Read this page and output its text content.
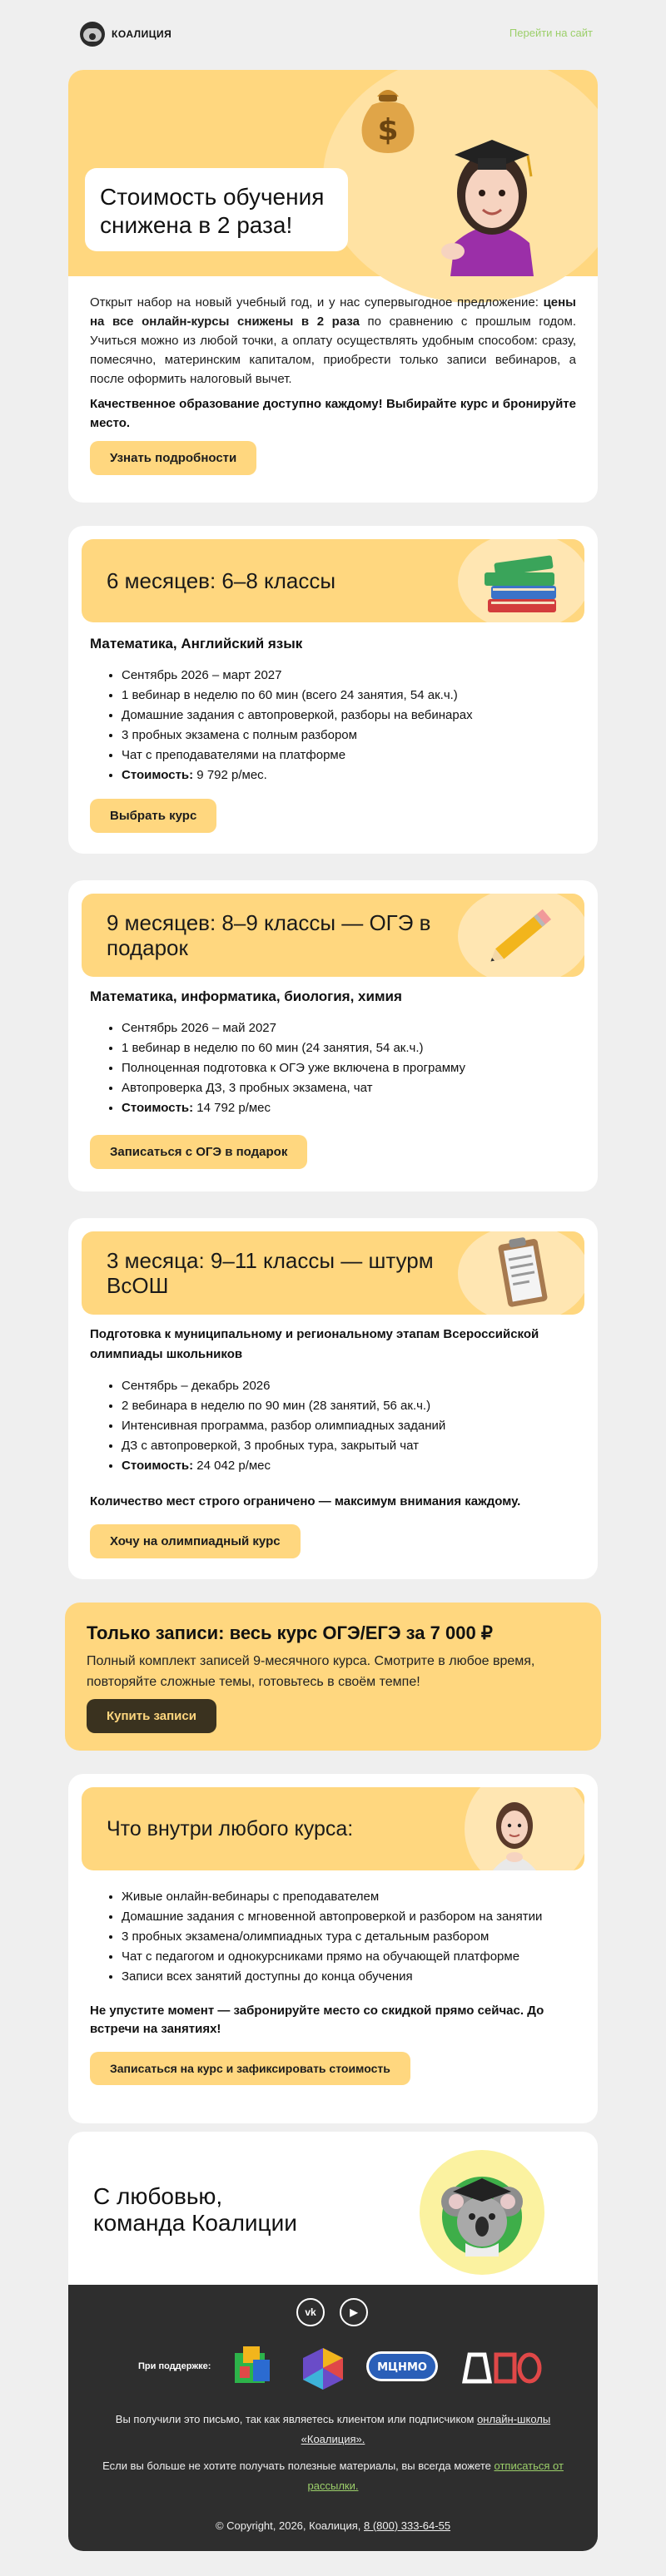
КОАЛИЦИЯ	Перейти на сайт
$
Стоимость обучения снижена в 2 раза!

Открыт набор на новый учебный год, и у нас супервыгодное предложение: цены на все онлайн-курсы снижены в 2 раза по сравнению с прошлым годом. Учиться можно из любой точки, а оплату осуществлять удобным способом: сразу, помесячно, материнским капиталом, приобрести только записи вебинаров, а после оформить налоговый вычет.

Качественное образование доступно каждому! Выбирайте курс и бронируйте место.

Узнать подробности
6 месяцев: 6–8 классы
Математика, Английский язык
• Сентябрь 2026 – март 2027
• 1 вебинар в неделю по 60 мин (всего 24 занятия, 54 ак.ч.)
• Домашние задания с автопроверкой, разборы на вебинарах
• 3 пробных экзамена с полным разбором
• Чат с преподавателями на платформе
• Стоимость: 9 792 р/мес.
Выбрать курс
9 месяцев: 8–9 классы — ОГЭ в подарок
Математика, информатика, биология, химия
• Сентябрь 2026 – май 2027
• 1 вебинар в неделю по 60 мин (24 занятия, 54 ак.ч.)
• Полноценная подготовка к ОГЭ уже включена в программу
• Автопроверка ДЗ, 3 пробных экзамена, чат
• Стоимость: 14 792 р/мес
Записаться с ОГЭ в подарок
3 месяца: 9–11 классы — штурм ВсОШ
Подготовка к муниципальному и региональному этапам Всероссийской олимпиады школьников
• Сентябрь – декабрь 2026
• 2 вебинара в неделю по 90 мин (28 занятий, 56 ак.ч.)
• Интенсивная программа, разбор олимпиадных заданий
• ДЗ с автопроверкой, 3 пробных тура, закрытый чат
• Стоимость: 24 042 р/мес
Количество мест строго ограничено — максимум внимания каждому.
Хочу на олимпиадный курс
Только записи: весь курс ОГЭ/ЕГЭ за 7 000 ₽
Полный комплект записей 9-месячного курса. Смотрите в любое время, повторяйте сложные темы, готовьтесь в своём темпе!
Купить записи
Что внутри любого курса:
• Живые онлайн-вебинары с преподавателем
• Домашние задания с мгновенной автопроверкой и разбором на занятии
• 3 пробных экзамена/олимпиадных тура с детальным разбором
• Чат с педагогом и однокурсниками прямо на обучающей платформе
• Записи всех занятий доступны до конца обучения
Не упустите момент — забронируйте место со скидкой прямо сейчас. До встречи на занятиях!
Записаться на курс и зафиксировать стоимость
С любовью,
команда Коалиции
vk	▶
При поддержке:	МЦНМО
Вы получили это письмо, так как являетесь клиентом или подписчиком онлайн-школы «Коалиция».
Если вы больше не хотите получать полезные материалы, вы всегда можете отписаться от рассылки.
© Copyright, 2026, Коалиция, 8 (800) 333-64-55
